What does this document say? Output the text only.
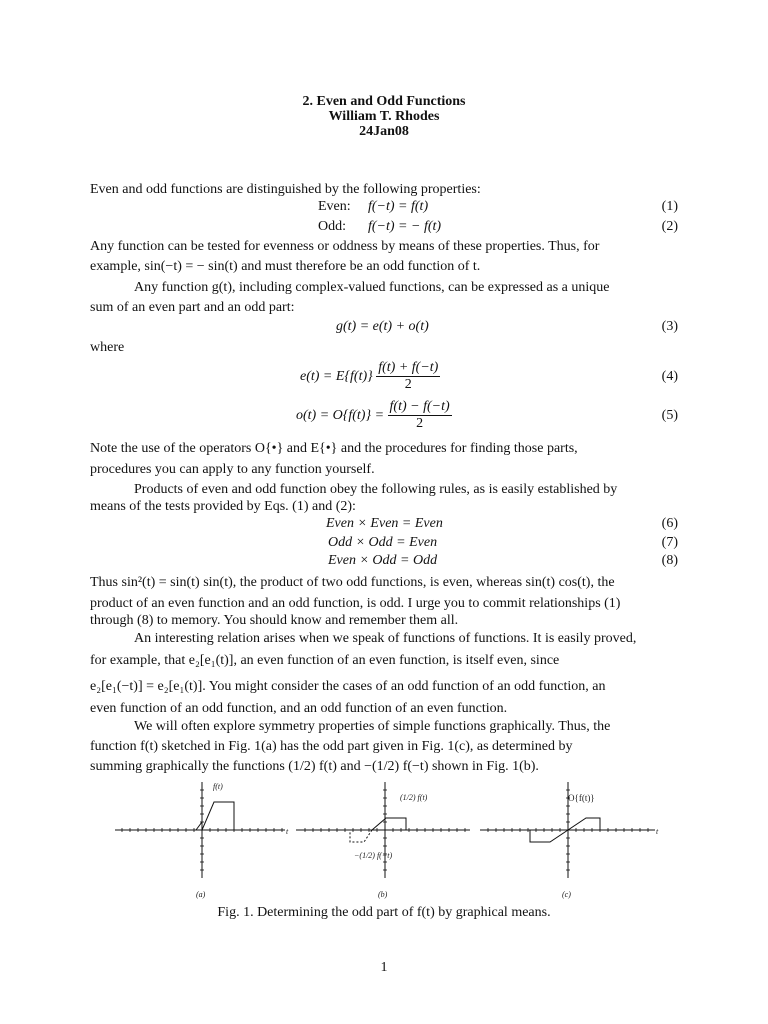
2. Even and Odd Functions
William T. Rhodes
24Jan08
Even and odd functions are distinguished by the following properties:
Even: f(−t) = f(t)	(1)
Odd: f(−t) = − f(t)	(2)
Any function can be tested for evenness or oddness by means of these properties. Thus, for
example, sin(−t) = − sin(t) and must therefore be an odd function of t.
Any function g(t), including complex-valued functions, can be expressed as a unique
sum of an even part and an odd part:
g(t) = e(t) + o(t)	(3)
where
$e(t) = E\{f(t)\} \frac{f(t) + f(-t)}{2}$	(4)
$o(t) = O\{f(t)\} = \frac{f(t) - f(-t)}{2}$	(5)
Note the use of the operators O{•} and E{•} and the procedures for finding those parts,
procedures you can apply to any function yourself.
Products of even and odd function obey the following rules, as is easily established by
means of the tests provided by Eqs. (1) and (2):
Even × Even = Even	(6)
Odd × Odd = Even	(7)
Even × Odd = Odd	(8)
Thus sin²(t) = sin(t) sin(t), the product of two odd functions, is even, whereas sin(t) cos(t), the
product of an even function and an odd function, is odd. I urge you to commit relationships (1)
through (8) to memory. You should know and remember them all.
An interesting relation arises when we speak of functions of functions. It is easily proved,
for example, that e₂[e₁(t)], an even function of an even function, is itself even, since
e₂[e₁(−t)] = e₂[e₁(t)]. You might consider the cases of an odd function of an odd function, an
even function of an odd function, and an odd function of an even function.
We will often explore symmetry properties of simple functions graphically. Thus, the
function f(t) sketched in Fig. 1(a) has the odd part given in Fig. 1(c), as determined by
summing graphically the functions (1/2) f(t) and −(1/2) f(−t) shown in Fig. 1(b).
f(t)
t
(a)
(1/2) f(t)
−(1/2) f(−t)
(b)
O{f(t)}
t
(c)
Fig. 1. Determining the odd part of f(t) by graphical means.
1
